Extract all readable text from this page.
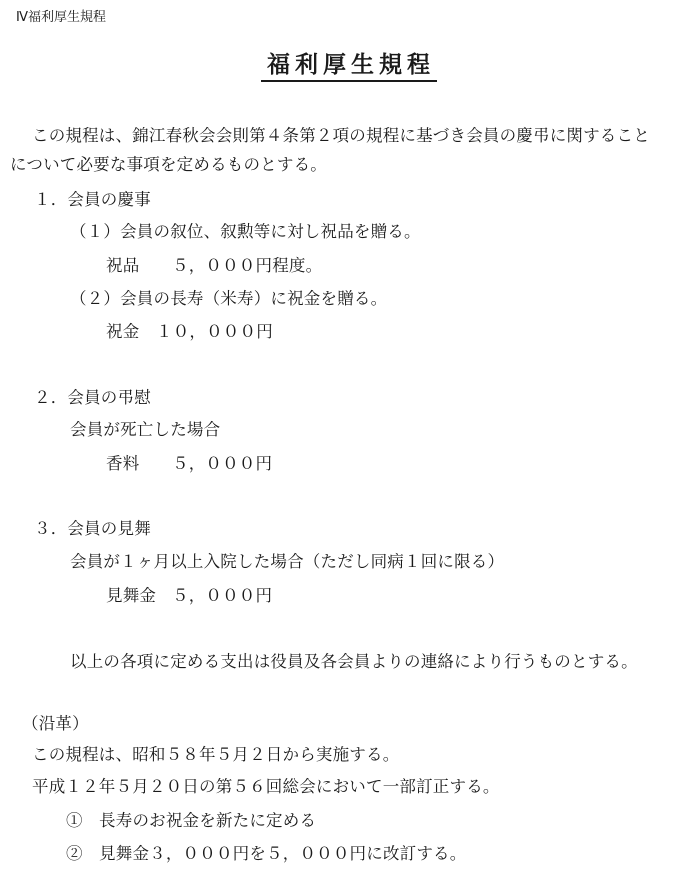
Ⅳ福利厚生規程
福利厚生規程
この規程は、錦江春秋会会則第４条第２項の規程に基づき会員の慶弔に関すること
について必要な事項を定めるものとする。
１．会員の慶事
（１）会員の叙位、叙勲等に対し祝品を贈る。
祝品 ５，０００円程度。
（２）会員の長寿（米寿）に祝金を贈る。
祝金 １０，０００円
２．会員の弔慰
会員が死亡した場合
香料 ５，０００円
３．会員の見舞
会員が１ヶ月以上入院した場合（ただし同病１回に限る）
見舞金 ５，０００円
以上の各項に定める支出は役員及各会員よりの連絡により行うものとする。
（沿革）
この規程は、昭和５８年５月２日から実施する。
平成１２年５月２０日の第５６回総会において一部訂正する。
① 長寿のお祝金を新たに定める
② 見舞金３，０００円を５，０００円に改訂する。
